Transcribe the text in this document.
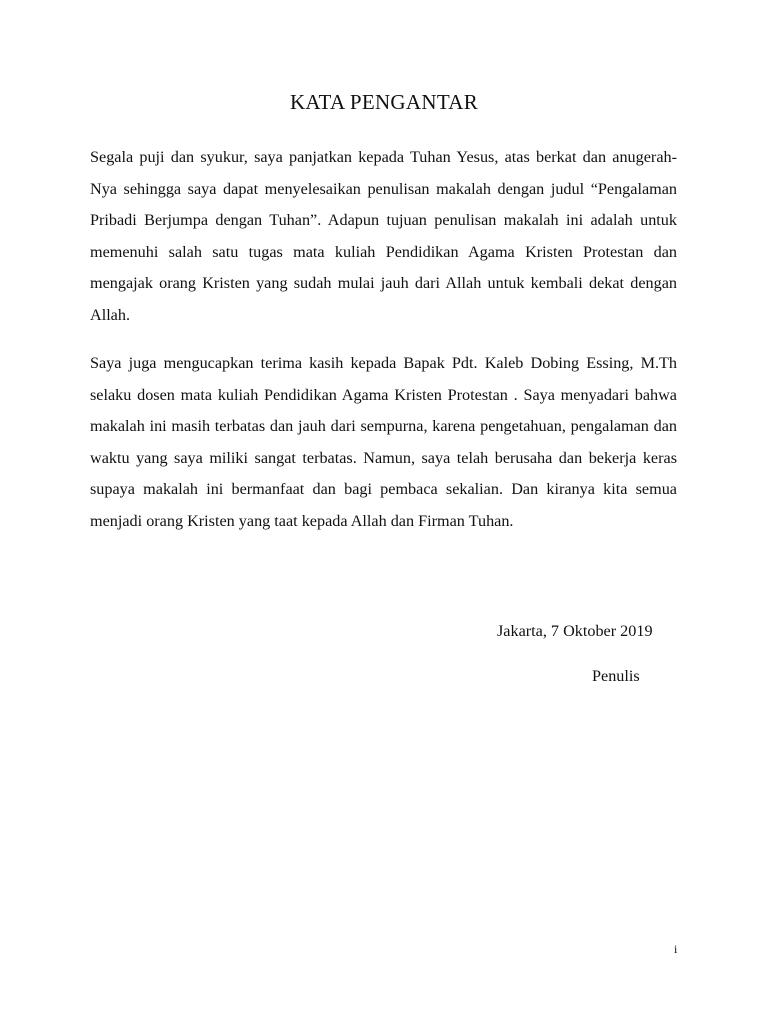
KATA PENGANTAR

Segala puji dan syukur, saya panjatkan kepada Tuhan Yesus, atas berkat dan anugerah-Nya sehingga saya dapat menyelesaikan penulisan makalah dengan judul “Pengalaman Pribadi Berjumpa dengan Tuhan”. Adapun tujuan penulisan makalah ini adalah untuk memenuhi salah satu tugas mata kuliah Pendidikan Agama Kristen Protestan dan mengajak orang Kristen yang sudah mulai jauh dari Allah untuk kembali dekat dengan Allah.

Saya juga mengucapkan terima kasih kepada Bapak Pdt. Kaleb Dobing Essing, M.Th selaku dosen mata kuliah Pendidikan Agama Kristen Protestan . Saya menyadari bahwa makalah ini masih terbatas dan jauh dari sempurna, karena pengetahuan, pengalaman dan waktu yang saya miliki sangat terbatas. Namun, saya telah berusaha dan bekerja keras supaya makalah ini bermanfaat dan bagi pembaca sekalian. Dan kiranya kita semua menjadi orang Kristen yang taat kepada Allah dan Firman Tuhan.

Jakarta, 7 Oktober 2019
Penulis
i
